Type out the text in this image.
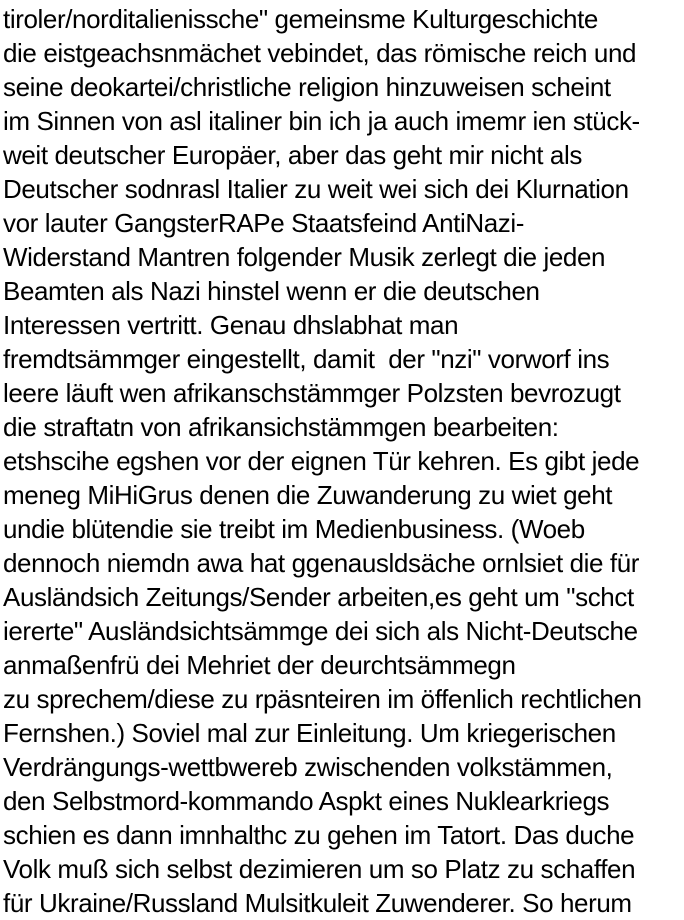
tiroler/norditalienissche" gemeinsme Kulturgeschichte
die eistgeachsnmächet vebindet, das römische reich und
seine deokartei/christliche religion hinzuweisen scheint
im Sinnen von asl italiner bin ich ja auch imemr ien stück-
weit deutscher Europäer, aber das geht mir nicht als
Deutscher sodnrasl Italier zu weit wei sich dei Klurnation
vor lauter GangsterRAPe Staatsfeind AntiNazi-
Widerstand Mantren folgender Musik zerlegt die jeden
Beamten als Nazi hinstel wenn er die deutschen
Interessen vertritt. Genau dhslabhat man
fremdtsämmger eingestellt, damit  der "nzi" vorworf ins
leere läuft wen afrikanschstämmger Polzsten bevrozugt
die straftatn von afrikansichstämmgen bearbeiten:
etshscihe egshen vor der eignen Tür kehren. Es gibt jede
meneg MiHiGrus denen die Zuwanderung zu wiet geht
undie blütendie sie treibt im Medienbusiness. (Woeb
dennoch niemdn awa hat ggenausldsäche ornlsiet die für
Ausländsich Zeitungs/Sender arbeiten,es geht um "schct
iererte" Ausländsichtsämmge dei sich als Nicht-Deutsche
anmaßenfrü dei Mehriet der deurchtsämmegn
zu sprechem/diese zu rpäsnteiren im öffenlich rechtlichen
Fernshen.) Soviel mal zur Einleitung. Um kriegerischen
Verdrängungs-wettbwereb zwischenden volkstämmen,
den Selbstmord-kommando Aspkt eines Nuklearkriegs
schien es dann imnhalthc zu gehen im Tatort. Das duche
Volk muß sich selbst dezimieren um so Platz zu schaffen
für Ukraine/Russland Mulsitkuleit Zuwenderer. So herum
